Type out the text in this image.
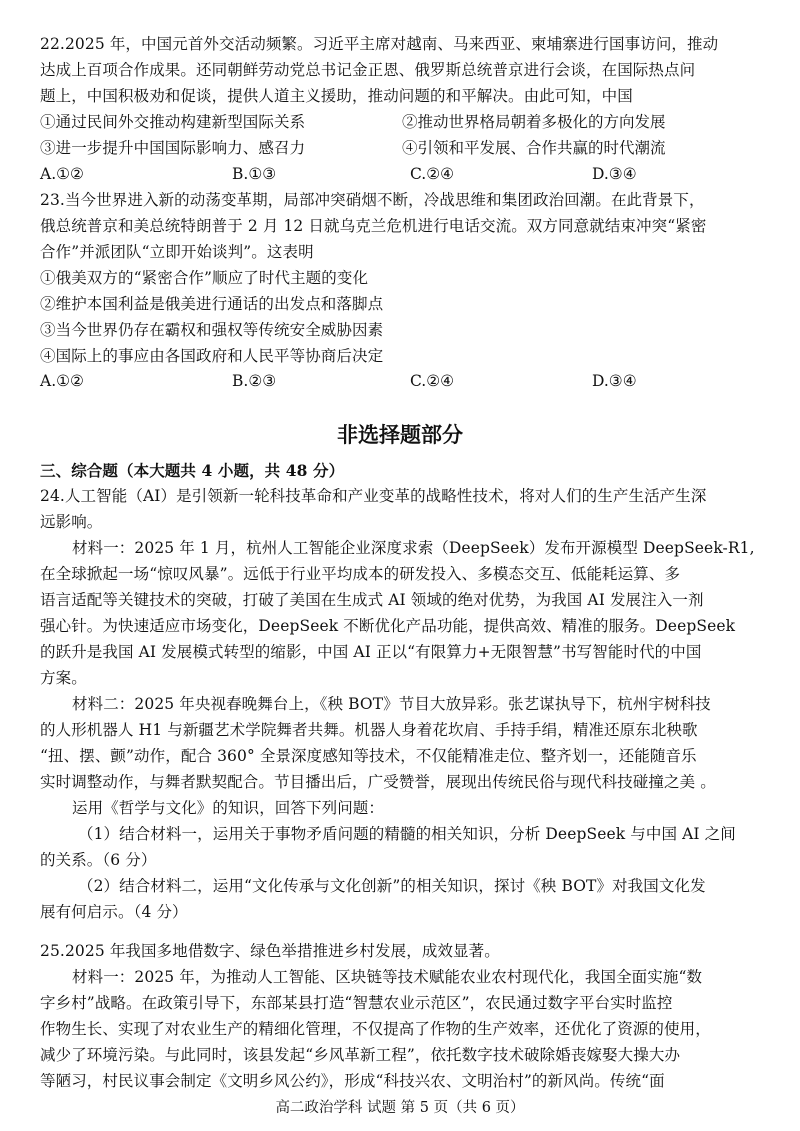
22.2025 年，中国元首外交活动频繁。习近平主席对越南、马来西亚、柬埔寨进行国事访问，推动
达成上百项合作成果。还同朝鲜劳动党总书记金正恩、俄罗斯总统普京进行会谈，在国际热点问
题上，中国积极劝和促谈，提供人道主义援助，推动问题的和平解决。由此可知，中国
①通过民间外交推动构建新型国际关系	②推动世界格局朝着多极化的方向发展
③进一步提升中国国际影响力、感召力	④引领和平发展、合作共赢的时代潮流
A.①②	B.①③	C.②④	D.③④
23.当今世界进入新的动荡变革期，局部冲突硝烟不断，冷战思维和集团政治回潮。在此背景下，
俄总统普京和美总统特朗普于 2 月 12 日就乌克兰危机进行电话交流。双方同意就结束冲突“紧密
合作”并派团队“立即开始谈判”。这表明
①俄美双方的“紧密合作”顺应了时代主题的变化
②维护本国利益是俄美进行通话的出发点和落脚点
③当今世界仍存在霸权和强权等传统安全威胁因素
④国际上的事应由各国政府和人民平等协商后决定
A.①②	B.②③	C.②④	D.③④
非选择题部分
三、综合题（本大题共 4 小题，共 48 分）
24.人工智能（AI）是引领新一轮科技革命和产业变革的战略性技术，将对人们的生产生活产生深
远影响。
材料一：2025 年 1 月，杭州人工智能企业深度求索（DeepSeek）发布开源模型 DeepSeek-R1,
在全球掀起一场“惊叹风暴”。远低于行业平均成本的研发投入、多模态交互、低能耗运算、多
语言适配等关键技术的突破，打破了美国在生成式 AI 领域的绝对优势，为我国 AI 发展注入一剂
强心针。为快速适应市场变化，DeepSeek 不断优化产品功能，提供高效、精准的服务。DeepSeek
的跃升是我国 AI 发展模式转型的缩影，中国 AI 正以“有限算力+无限智慧”书写智能时代的中国
方案。
材料二：2025 年央视春晚舞台上，《秧 BOT》节目大放异彩。张艺谋执导下，杭州宇树科技
的人形机器人 H1 与新疆艺术学院舞者共舞。机器人身着花坎肩、手持手绢，精准还原东北秧歌
“扭、摆、颤”动作，配合 360° 全景深度感知等技术，不仅能精准走位、整齐划一，还能随音乐
实时调整动作，与舞者默契配合。节目播出后，广受赞誉，展现出传统民俗与现代科技碰撞之美 。
运用《哲学与文化》的知识，回答下列问题：
（1）结合材料一，运用关于事物矛盾问题的精髓的相关知识，分析 DeepSeek 与中国 AI 之间
的关系。（6 分）
（2）结合材料二，运用“文化传承与文化创新”的相关知识，探讨《秧 BOT》对我国文化发
展有何启示。（4 分）
25.2025 年我国多地借数字、绿色举措推进乡村发展，成效显著。
材料一：2025 年，为推动人工智能、区块链等技术赋能农业农村现代化，我国全面实施“数
字乡村”战略。在政策引导下，东部某县打造“智慧农业示范区”，农民通过数字平台实时监控
作物生长、实现了对农业生产的精细化管理，不仅提高了作物的生产效率，还优化了资源的使用，
减少了环境污染。与此同时，该县发起“乡风革新工程”，依托数字技术破除婚丧嫁娶大操大办
等陋习，村民议事会制定《文明乡风公约》，形成“科技兴农、文明治村”的新风尚。传统“面
高二政治学科 试题 第 5 页（共 6 页）
